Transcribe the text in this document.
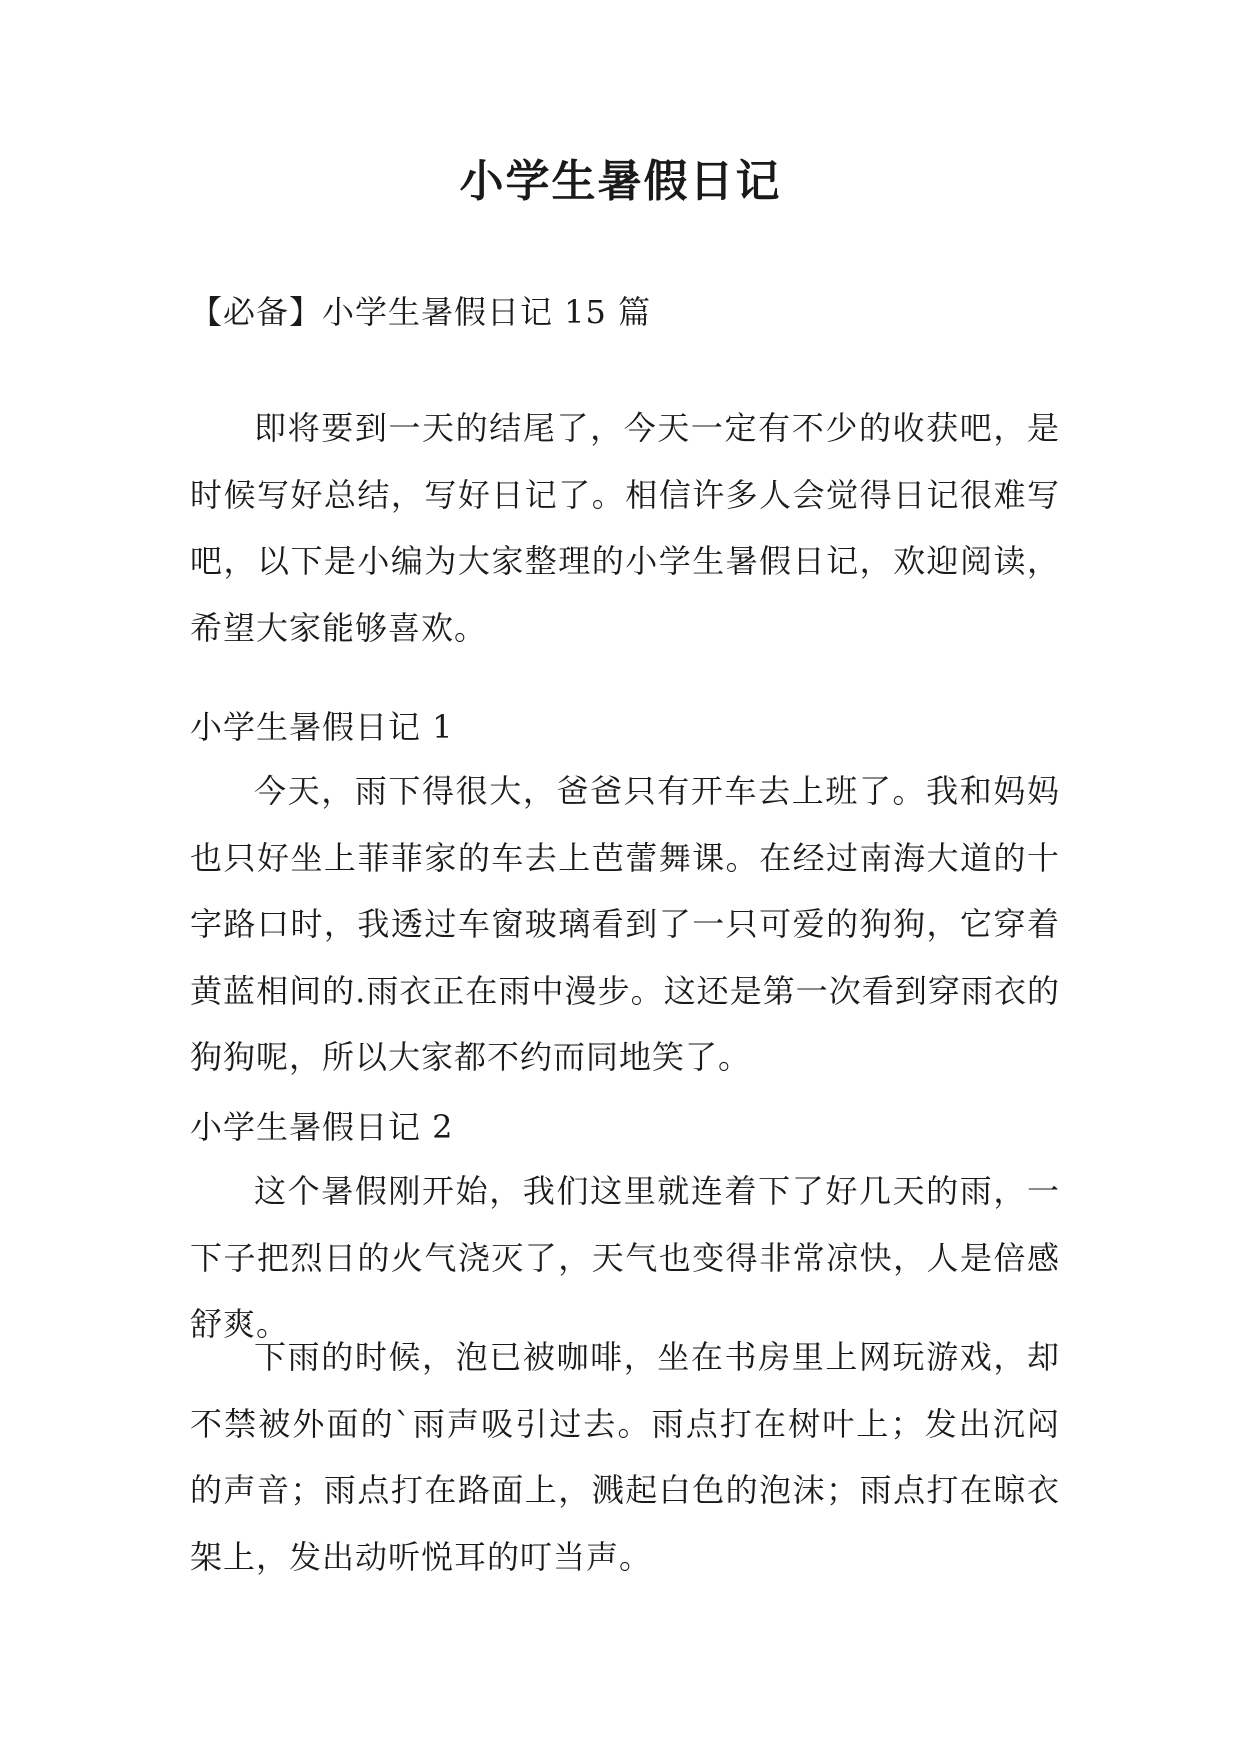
小学生暑假日记

【必备】小学生暑假日记 15 篇

即将要到一天的结尾了，今天一定有不少的收获吧，是时候写好总结，写好日记了。相信许多人会觉得日记很难写吧，以下是小编为大家整理的小学生暑假日记，欢迎阅读，希望大家能够喜欢。

小学生暑假日记 1

今天，雨下得很大，爸爸只有开车去上班了。我和妈妈也只好坐上菲菲家的车去上芭蕾舞课。在经过南海大道的十字路口时，我透过车窗玻璃看到了一只可爱的狗狗，它穿着黄蓝相间的.雨衣正在雨中漫步。这还是第一次看到穿雨衣的狗狗呢，所以大家都不约而同地笑了。

小学生暑假日记 2

这个暑假刚开始，我们这里就连着下了好几天的雨，一下子把烈日的火气浇灭了，天气也变得非常凉快，人是倍感舒爽。

下雨的时候，泡已被咖啡，坐在书房里上网玩游戏，却不禁被外面的`雨声吸引过去。雨点打在树叶上；发出沉闷的声音；雨点打在路面上，溅起白色的泡沫；雨点打在晾衣架上，发出动听悦耳的叮当声。
